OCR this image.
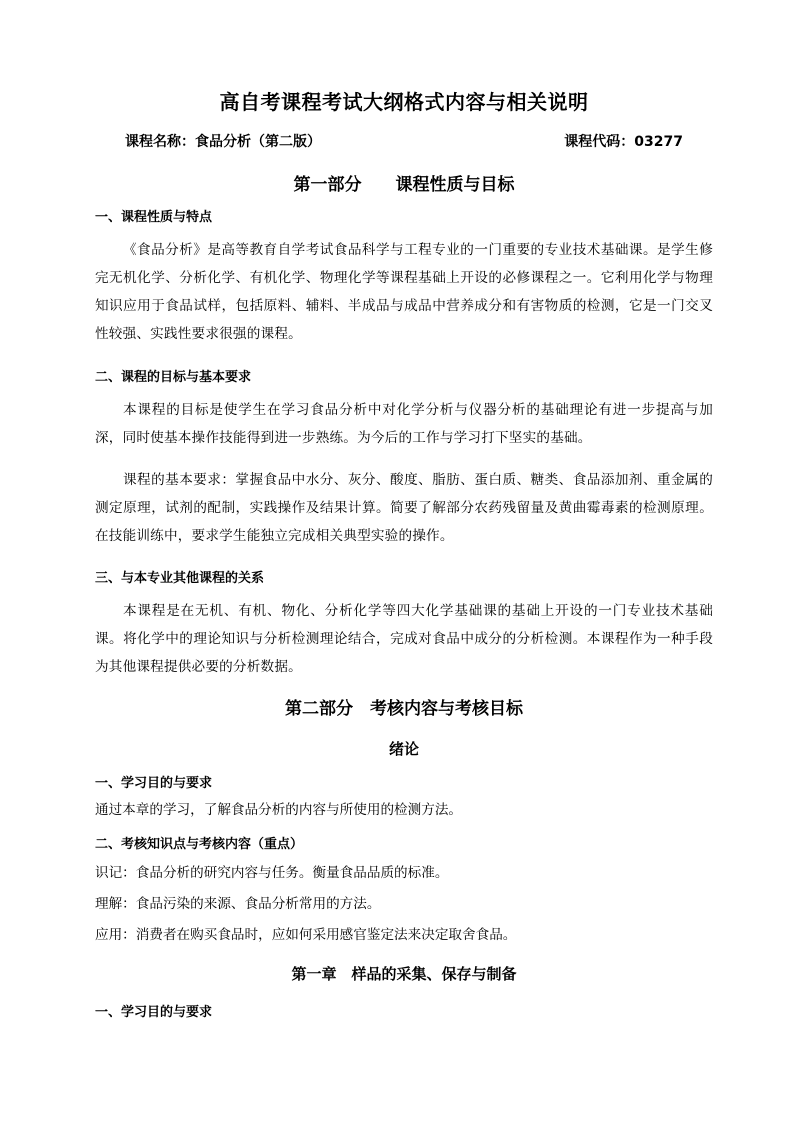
高自考课程考试大纲格式内容与相关说明
课程名称：食品分析（第二版）	课程代码：03277
第一部分　　课程性质与目标
一、课程性质与特点
《食品分析》是高等教育自学考试食品科学与工程专业的一门重要的专业技术基础课。是学生修完无机化学、分析化学、有机化学、物理化学等课程基础上开设的必修课程之一。它利用化学与物理知识应用于食品试样，包括原料、辅料、半成品与成品中营养成分和有害物质的检测，它是一门交叉性较强、实践性要求很强的课程。
二、课程的目标与基本要求
本课程的目标是使学生在学习食品分析中对化学分析与仪器分析的基础理论有进一步提高与加深，同时使基本操作技能得到进一步熟练。为今后的工作与学习打下坚实的基础。
课程的基本要求：掌握食品中水分、灰分、酸度、脂肪、蛋白质、糖类、食品添加剂、重金属的测定原理，试剂的配制，实践操作及结果计算。简要了解部分农药残留量及黄曲霉毒素的检测原理。在技能训练中，要求学生能独立完成相关典型实验的操作。
三、与本专业其他课程的关系
本课程是在无机、有机、物化、分析化学等四大化学基础课的基础上开设的一门专业技术基础课。将化学中的理论知识与分析检测理论结合，完成对食品中成分的分析检测。本课程作为一种手段为其他课程提供必要的分析数据。
第二部分　考核内容与考核目标
绪论
一、学习目的与要求
通过本章的学习，了解食品分析的内容与所使用的检测方法。
二、考核知识点与考核内容（重点）
识记：食品分析的研究内容与任务。衡量食品品质的标准。
理解：食品污染的来源、食品分析常用的方法。
应用：消费者在购买食品时，应如何采用感官鉴定法来决定取舍食品。
第一章　样品的采集、保存与制备
一、学习目的与要求
